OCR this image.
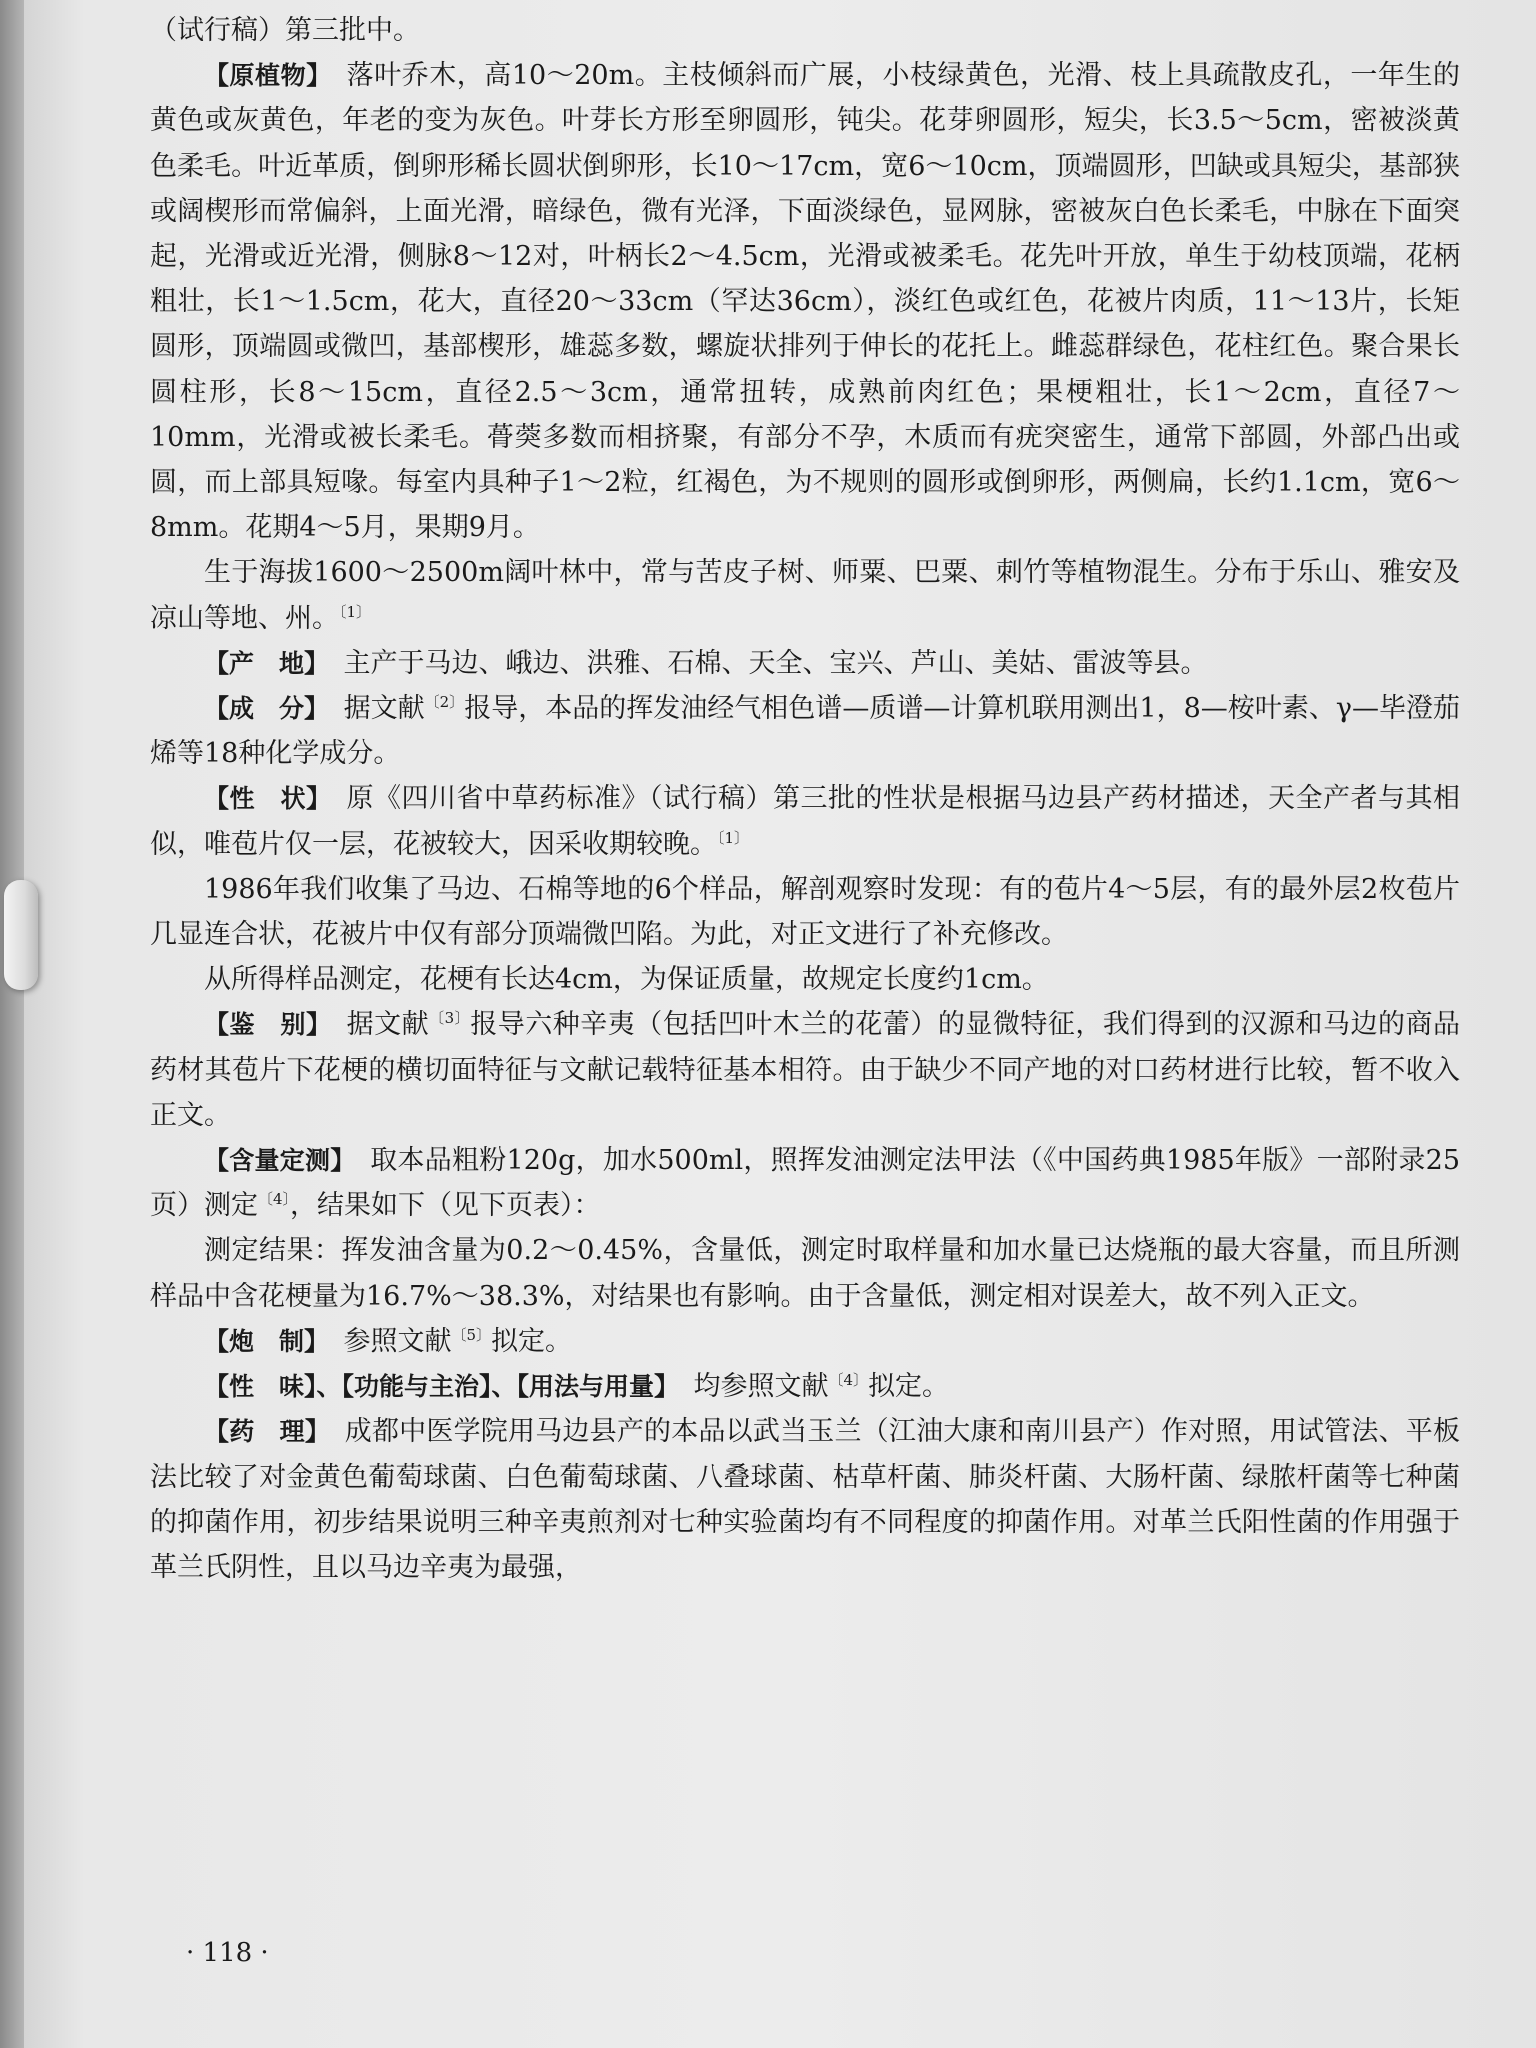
（试行稿）第三批中。

【原植物】　 落叶乔木，高10～20m。主枝倾斜而广展，小枝绿黄色，光滑、枝上具疏散皮孔，一年生的黄色或灰黄色，年老的变为灰色。叶芽长方形至卵圆形，钝尖。花芽卵圆形，短尖，长3.5～5cm，密被淡黄色柔毛。叶近革质，倒卵形稀长圆状倒卵形，长10～17cm，宽6～10cm，顶端圆形，凹缺或具短尖，基部狭或阔楔形而常偏斜，上面光滑，暗绿色，微有光泽，下面淡绿色，显网脉，密被灰白色长柔毛，中脉在下面突起，光滑或近光滑，侧脉8～12对，叶柄长2～4.5cm，光滑或被柔毛。花先叶开放，单生于幼枝顶端，花柄粗壮，长1～1.5cm，花大，直径20～33cm（罕达36cm），淡红色或红色，花被片肉质，11～13片，长矩圆形，顶端圆或微凹，基部楔形，雄蕊多数，螺旋状排列于伸长的花托上。雌蕊群绿色，花柱红色。聚合果长圆柱形，长8～15cm，直径2.5～3cm，通常扭转，成熟前肉红色；果梗粗壮，长1～2cm，直径7～10mm，光滑或被长柔毛。蓇葖多数而相挤聚，有部分不孕，木质而有疣突密生，通常下部圆，外部凸出或圆，而上部具短喙。每室内具种子1～2粒，红褐色，为不规则的圆形或倒卵形，两侧扁，长约1.1cm，宽6～8mm。花期4～5月，果期9月。

生于海拔1600～2500m阔叶林中，常与苦皮子树、师粟、巴粟、刺竹等植物混生。分布于乐山、雅安及凉山等地、州。$^{〔1〕}$

【产　地】　 主产于马边、峨边、洪雅、石棉、天全、宝兴、芦山、美姑、雷波等县。

【成　分】　 据文献$^{〔2〕}$报导，本品的挥发油经气相色谱—质谱—计算机联用测出1，8—桉叶素、γ—毕澄茄烯等18种化学成分。

【性　状】　 原《四川省中草药标准》（试行稿）第三批的性状是根据马边县产药材描述，天全产者与其相似，唯苞片仅一层，花被较大，因采收期较晚。$^{〔1〕}$

1986年我们收集了马边、石棉等地的6个样品，解剖观察时发现：有的苞片4～5层，有的最外层2枚苞片几显连合状，花被片中仅有部分顶端微凹陷。为此，对正文进行了补充修改。

从所得样品测定，花梗有长达4cm，为保证质量，故规定长度约1cm。

【鉴　别】　 据文献$^{〔3〕}$报导六种辛夷（包括凹叶木兰的花蕾）的显微特征，我们得到的汉源和马边的商品药材其苞片下花梗的横切面特征与文献记载特征基本相符。由于缺少不同产地的对口药材进行比较，暂不收入正文。

【含量定测】　 取本品粗粉120g，加水500ml，照挥发油测定法甲法（《中国药典1985年版》一部附录25页）测定$^{〔4〕}$，结果如下（见下页表）：

测定结果：挥发油含量为0.2～0.45%，含量低，测定时取样量和加水量已达烧瓶的最大容量，而且所测样品中含花梗量为16.7%～38.3%，对结果也有影响。由于含量低，测定相对误差大，故不列入正文。

【炮　制】　 参照文献$^{〔5〕}$拟定。

【性　味】、【功能与主治】、【用法与用量】　 均参照文献$^{〔4〕}$拟定。

【药　理】　 成都中医学院用马边县产的本品以武当玉兰（江油大康和南川县产）作对照，用试管法、平板法比较了对金黄色葡萄球菌、白色葡萄球菌、八叠球菌、枯草杆菌、肺炎杆菌、大肠杆菌、绿脓杆菌等七种菌的抑菌作用，初步结果说明三种辛夷煎剂对七种实验菌均有不同程度的抑菌作用。对革兰氏阳性菌的作用强于革兰氏阴性，且以马边辛夷为最强，

· 118 ·
